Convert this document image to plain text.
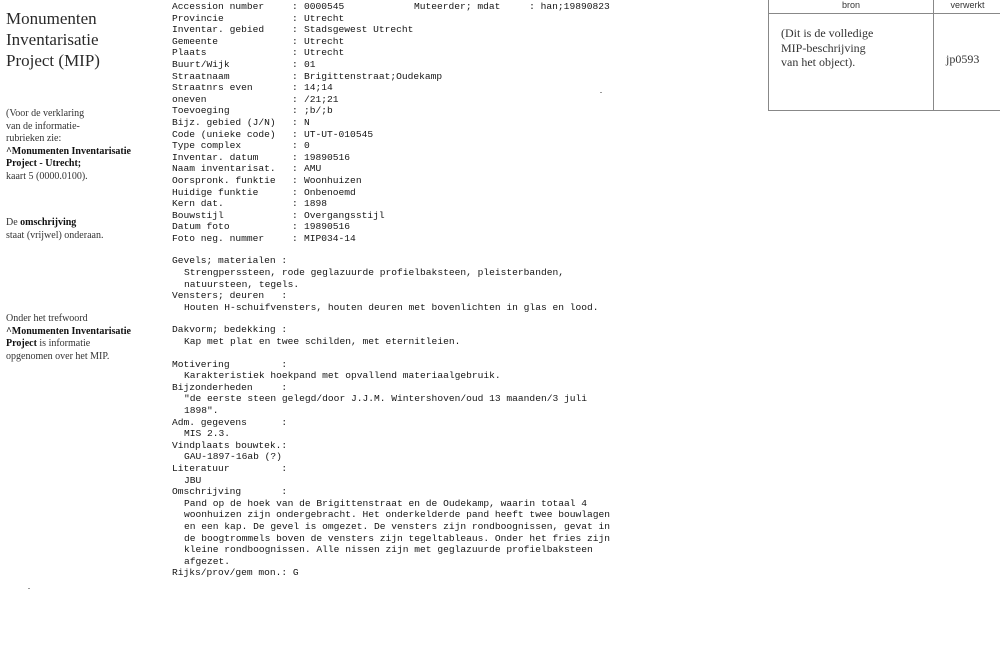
Monumenten
Inventarisatie
Project (MIP)
(Voor de verklaring
van de informatie-
rubrieken zie:
^Monumenten Inventarisatie
Project - Utrecht;
kaart 5 (0000.0100).
De omschrijving
staat (vrijwel) onderaan.
Onder het trefwoord
^Monumenten Inventarisatie
Project is informatie
opgenomen over het MIP.
Muteerder; mdat     : han;19890823
Accession number	: 0000545
Provincie	: Utrecht
Inventar. gebied	: Stadsgewest Utrecht
Gemeente	: Utrecht
Plaats	: Utrecht
Buurt/Wijk	: 01
Straatnaam	: Brigittenstraat;Oudekamp
Straatnrs even	: 14;14
oneven	: /21;21
Toevoeging	: ;b/;b
Bijz. gebied (J/N)	: N
Code (unieke code)	: UT-UT-010545
Type complex	: 0
Inventar. datum	: 19890516
Naam inventarisat.	: AMU
Oorspronk. funktie	: Woonhuizen
Huidige funktie	: Onbenoemd
Kern dat.	: 1898
Bouwstijl	: Overgangsstijl
Datum foto	: 19890516
Foto neg. nummer	: MIP034-14
Gevels; materialen :
Strengperssteen, rode geglazuurde profielbaksteen, pleisterbanden,
natuursteen, tegels.
Vensters; deuren   :
Houten H-schuifvensters, houten deuren met bovenlichten in glas en lood.
Dakvorm; bedekking :
Kap met plat en twee schilden, met eternitleien.
Motivering         :
Karakteristiek hoekpand met opvallend materiaalgebruik.
Bijzonderheden     :
"de eerste steen gelegd/door J.J.M. Wintershoven/oud 13 maanden/3 juli
1898".
Adm. gegevens      :
MIS 2.3.
Vindplaats bouwtek.:
GAU-1897-16ab (?)
Literatuur         :
JBU
Omschrijving       :
Pand op de hoek van de Brigittenstraat en de Oudekamp, waarin totaal 4
woonhuizen zijn ondergebracht. Het onderkelderde pand heeft twee bouwlagen
en een kap. De gevel is omgezet. De vensters zijn rondboognissen, gevat in
de boogtrommels boven de vensters zijn tegeltableaus. Onder het fries zijn
kleine rondboognissen. Alle nissen zijn met geglazuurde profielbaksteen
afgezet.
Rijks/prov/gem mon.: G
bron	verwerkt
(Dit is de volledige
MIP-beschrijving
van het object).	jp0593
